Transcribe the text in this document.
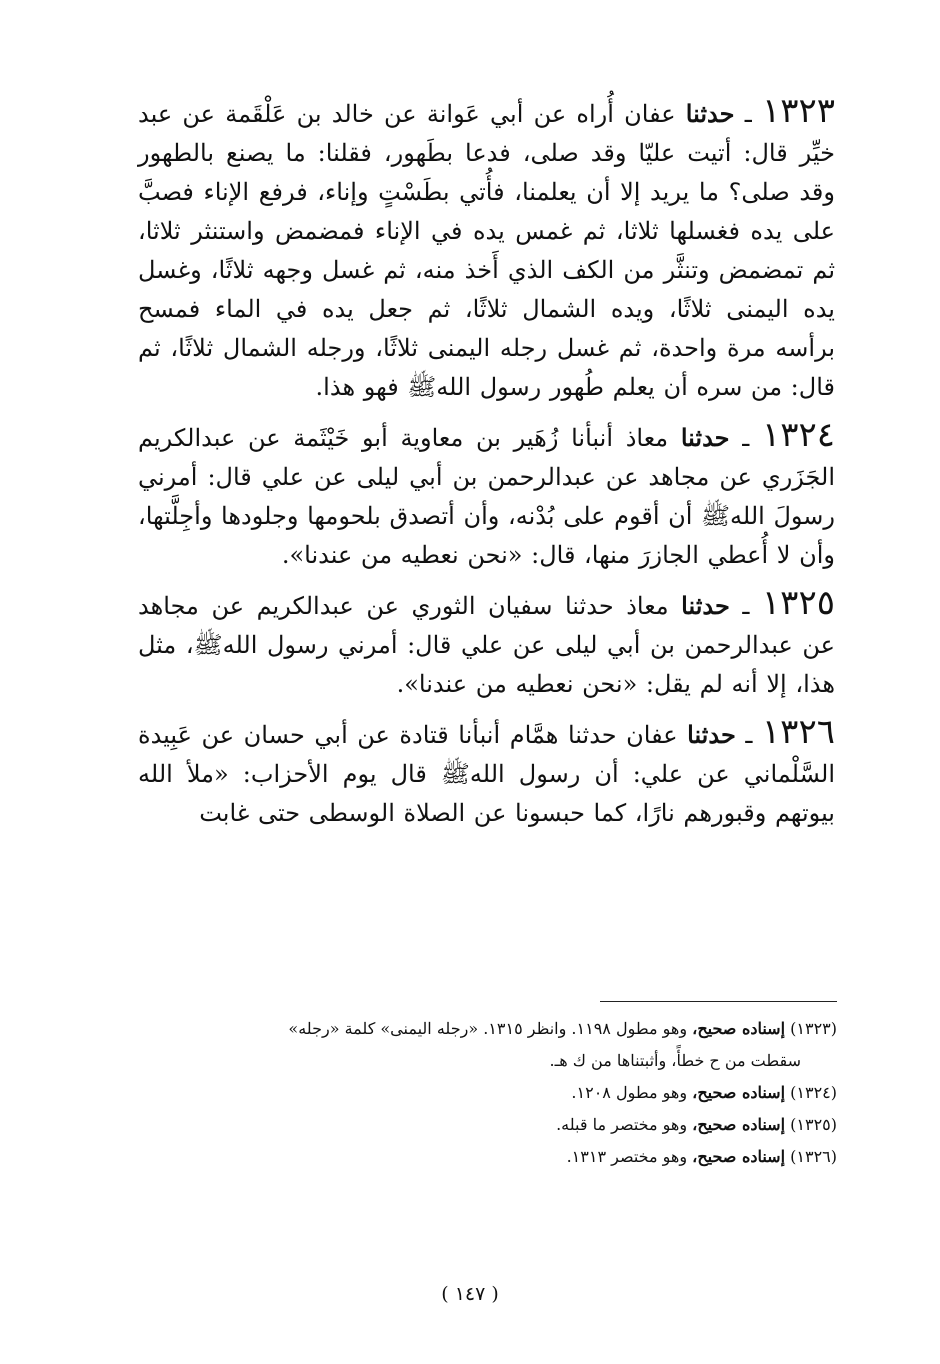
١٣٢٣ ـ حدثنا عفان أُراه عن أبي عَوانة عن خالد بن عَلْقَمة عن عبد خيِّر قال: أتيت عليّا وقد صلى، فدعا بطَهور، فقلنا: ما يصنع بالطهور وقد صلى؟ ما يريد إلا أن يعلمنا، فأُتي بطَسْتٍ وإناء، فرفع الإناء فصبَّ على يده فغسلها ثلاثا، ثم غمس يده في الإناء فمضمض واستنثر ثلاثا، ثم تمضمض وتنثَّر من الكف الذي أَخذ منه، ثم غسل وجهه ثلاثًا، وغسل يده اليمنى ثلاثًا، ويده الشمال ثلاثًا، ثم جعل يده في الماء فمسح برأسه مرة واحدة، ثم غسل رجله اليمنى ثلاثًا، ورجله الشمال ثلاثًا، ثم قال: من سره أن يعلم طُهور رسول اللهﷺ فهو هذا.

١٣٢٤ ـ حدثنا معاذ أنبأنا زُهَير بن معاوية أبو خَيْثَمة عن عبدالكريم الجَزَري عن مجاهد عن عبدالرحمن بن أبي ليلى عن علي قال: أمرني رسولَ اللهﷺ أن أقوم على بُدْنه، وأن أتصدق بلحومها وجلودها وأجِلَّتها، وأن لا أُعطي الجازرَ منها، قال: «نحن نعطيه من عندنا».

١٣٢٥ ـ حدثنا معاذ حدثنا سفيان الثوري عن عبدالكريم عن مجاهد عن عبدالرحمن بن أبي ليلى عن علي قال: أمرني رسول اللهﷺ، مثل هذا، إلا أنه لم يقل: «نحن نعطيه من عندنا».

١٣٢٦ ـ حدثنا عفان حدثنا همَّام أنبأنا قتادة عن أبي حسان عن عَبِيدة السَّلْماني عن علي: أن رسول اللهﷺ قال يوم الأحزاب: «ملأ الله بيوتهم وقبورهم نارًا، كما حبسونا عن الصلاة الوسطى حتى غابت

(١٣٢٣) إسناده صحيح، وهو مطول ١١٩٨. وانظر ١٣١٥. «رجله اليمنى» كلمة «رجله»

سقطت من ح خطأً، وأثبتناها من ك هـ.

(١٣٢٤) إسناده صحيح، وهو مطول ١٢٠٨.

(١٣٢٥) إسناده صحيح، وهو مختصر ما قبله.

(١٣٢٦) إسناده صحيح، وهو مختصر ١٣١٣.

( ١٤٧ )
